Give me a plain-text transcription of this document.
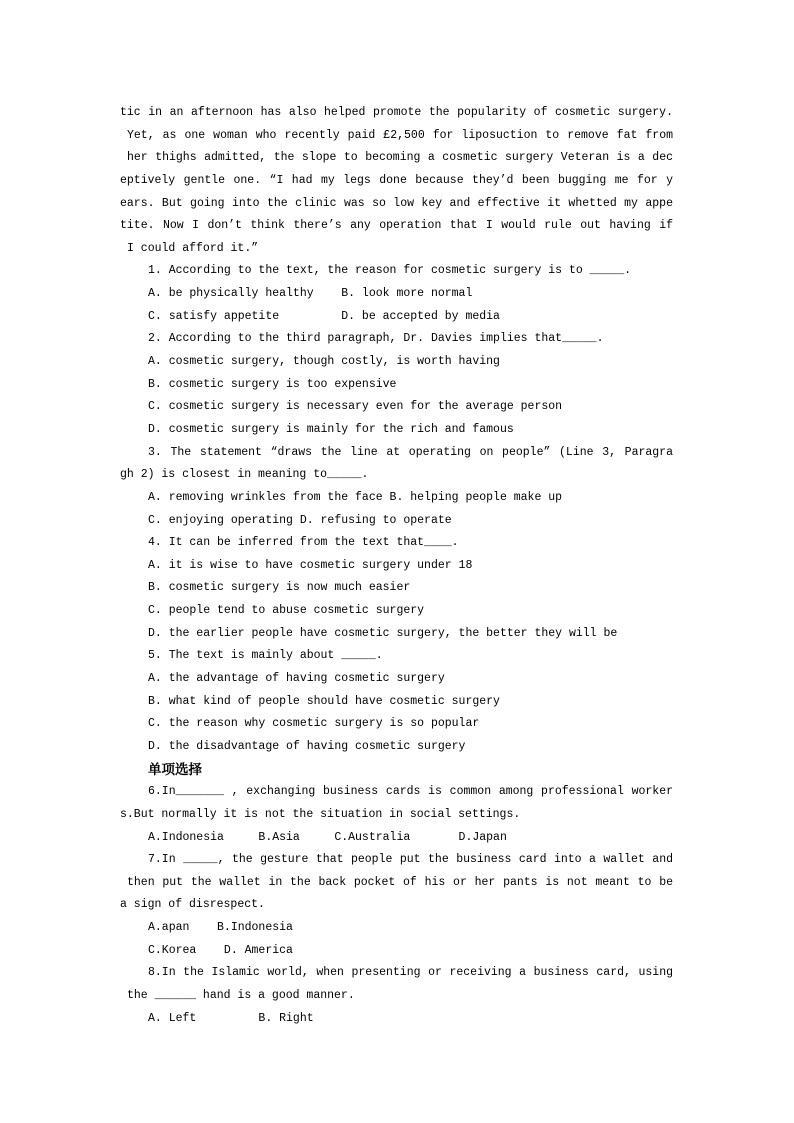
tic in an afternoon has also helped promote the popularity of cosmetic surgery.
Yet, as one woman who recently paid £2,500 for liposuction to remove fat from
her thighs admitted, the slope to becoming a cosmetic surgery Veteran is a dec
eptively gentle one. “I had my legs done because they’d been bugging me for y
ears. But going into the clinic was so low key and effective it whetted my appe
tite. Now I don’t think there’s any operation that I would rule out having if
I could afford it.”
1. According to the text, the reason for cosmetic surgery is to _____.
A. be physically healthy    B. look more normal
C. satisfy appetite         D. be accepted by media
2. According to the third paragraph, Dr. Davies implies that_____.
A. cosmetic surgery, though costly, is worth having
B. cosmetic surgery is too expensive
C. cosmetic surgery is necessary even for the average person
D. cosmetic surgery is mainly for the rich and famous
3. The statement “draws the line at operating on people” (Line 3, Paragra
gh 2) is closest in meaning to_____.
A. removing wrinkles from the face B. helping people make up
C. enjoying operating D. refusing to operate
4. It can be inferred from the text that____.
A. it is wise to have cosmetic surgery under 18
B. cosmetic surgery is now much easier
C. people tend to abuse cosmetic surgery
D. the earlier people have cosmetic surgery, the better they will be
5. The text is mainly about _____.
A. the advantage of having cosmetic surgery
B. what kind of people should have cosmetic surgery
C. the reason why cosmetic surgery is so popular
D. the disadvantage of having cosmetic surgery
单项选择
6.In_______ , exchanging business cards is common among professional worker
s.But normally it is not the situation in social settings.
A.Indonesia     B.Asia     C.Australia       D.Japan
7.In _____, the gesture that people put the business card into a wallet and
then put the wallet in the back pocket of his or her pants is not meant to be
a sign of disrespect.
A.apan    B.Indonesia
C.Korea    D. America
8.In the Islamic world, when presenting or receiving a business card, using
the ______ hand is a good manner.
A. Left         B. Right
